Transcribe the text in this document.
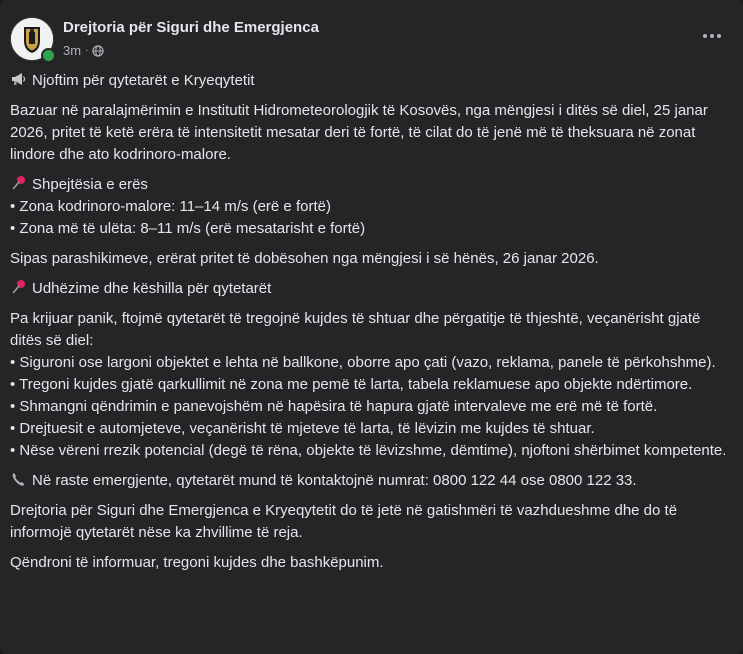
Drejtoria për Siguri dhe Emergjenca
3m ·

Njoftim për qytetarët e Kryeqytetit

Bazuar në paralajmërimin e Institutit Hidrometeorologjik të Kosovës, nga mëngjesi i ditës së diel, 25 janar 2026, pritet të ketë erëra të intensitetit mesatar deri të fortë, të cilat do të jenë më të theksuara në zonat lindore dhe ato kodrinoro-malore.

Shpejtësia e erës
• Zona kodrinoro-malore: 11–14 m/s (erë e fortë)
• Zona më të ulëta: 8–11 m/s (erë mesatarisht e fortë)

Sipas parashikimeve, erërat pritet të dobësohen nga mëngjesi i së hënës, 26 janar 2026.

Udhëzime dhe këshilla për qytetarët

Pa krijuar panik, ftojmë qytetarët të tregojnë kujdes të shtuar dhe përgatitje të thjeshtë, veçanërisht gjatë ditës së diel:
• Siguroni ose largoni objektet e lehta në ballkone, oborre apo çati (vazo, reklama, panele të përkohshme).
• Tregoni kujdes gjatë qarkullimit në zona me pemë të larta, tabela reklamuese apo objekte ndërtimore.
• Shmangni qëndrimin e panevojshëm në hapësira të hapura gjatë intervaleve me erë më të fortë.
• Drejtuesit e automjeteve, veçanërisht të mjeteve të larta, të lëvizin me kujdes të shtuar.
• Nëse vëreni rrezik potencial (degë të rëna, objekte të lëvizshme, dëmtime), njoftoni shërbimet kompetente.

Në raste emergjente, qytetarët mund të kontaktojnë numrat: 0800 122 44 ose 0800 122 33.

Drejtoria për Siguri dhe Emergjenca e Kryeqytetit do të jetë në gatishmëri të vazhdueshme dhe do të informojë qytetarët nëse ka zhvillime të reja.

Qëndroni të informuar, tregoni kujdes dhe bashkëpunim.
